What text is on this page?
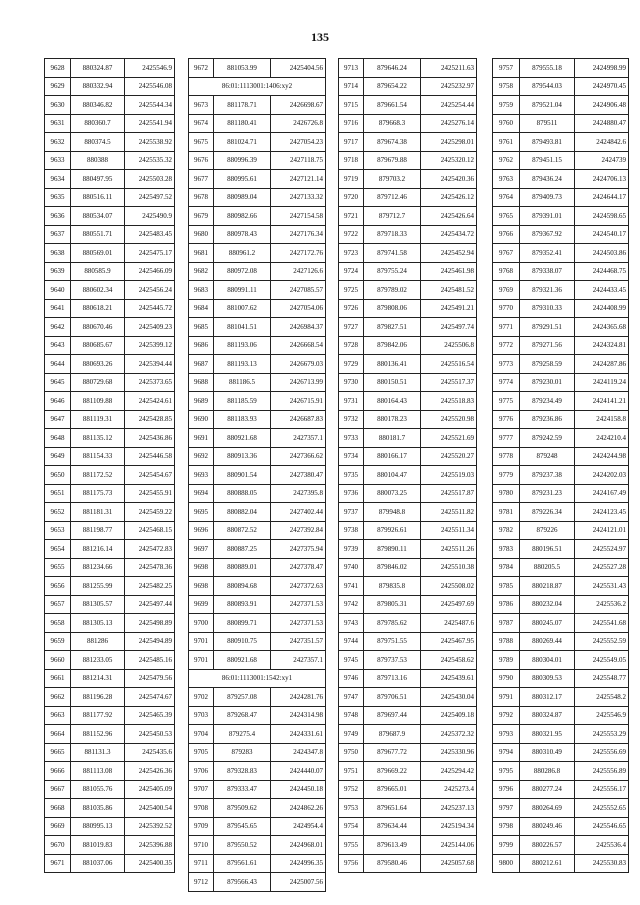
135
9628	880324.87	2425546.9
9629	880332.94	2425546.08
9630	880346.82	2425544.34
9631	880360.7	2425541.94
9632	880374.5	2425538.92
9633	880388	2425535.32
9634	880497.95	2425503.28
9635	880516.11	2425497.52
9636	880534.07	2425490.9
9637	880551.71	2425483.45
9638	880569.01	2425475.17
9639	880585.9	2425466.09
9640	880602.34	2425456.24
9641	880618.21	2425445.72
9642	880670.46	2425409.23
9643	880685.67	2425399.12
9644	880693.26	2425394.44
9645	880729.68	2425373.65
9646	881109.88	2425424.61
9647	881119.31	2425428.85
9648	881135.12	2425436.86
9649	881154.33	2425446.58
9650	881172.52	2425454.67
9651	881175.73	2425455.91
9652	881181.31	2425459.22
9653	881198.77	2425468.15
9654	881216.14	2425472.83
9655	881234.66	2425478.36
9656	881255.99	2425482.25
9657	881305.57	2425497.44
9658	881305.13	2425498.89
9659	881286	2425494.89
9660	881233.05	2425485.16
9661	881214.31	2425479.56
9662	881196.28	2425474.67
9663	881177.92	2425465.39
9664	881152.96	2425450.53
9665	881131.3	2425435.6
9666	881113.08	2425426.36
9667	881055.76	2425405.09
9668	881035.86	2425400.54
9669	880995.13	2425392.52
9670	881019.83	2425396.88
9671	881037.06	2425400.35
9672	881053.99	2425404.56
86:01:1113001:1406:xy2		
9673	881178.71	2426698.67
9674	881180.41	2426726.8
9675	881024.71	2427054.23
9676	880996.39	2427118.75
9677	880995.61	2427121.14
9678	880989.04	2427133.32
9679	880982.66	2427154.58
9680	880978.43	2427176.34
9681	880961.2	2427172.76
9682	880972.08	2427126.6
9683	880991.11	2427085.57
9684	881007.62	2427054.06
9685	881041.51	2426984.37
9686	881193.06	2426668.54
9687	881193.13	2426679.03
9688	881186.5	2426713.99
9689	881185.59	2426715.91
9690	881183.93	2426687.83
9691	880921.68	2427357.1
9692	880913.36	2427366.62
9693	880901.54	2427380.47
9694	880888.05	2427395.8
9695	880882.04	2427402.44
9696	880872.52	2427392.84
9697	880887.25	2427375.94
9698	880889.01	2427378.47
9698	880894.68	2427372.63
9699	880893.91	2427371.53
9700	880899.71	2427371.53
9701	880910.75	2427351.57
9701	880921.68	2427357.1
86:01:1113001:1542:xy1		
9702	879257.08	2424281.76
9703	879268.47	2424314.98
9704	879275.4	2424331.61
9705	879283	2424347.8
9706	879328.83	2424440.07
9707	879333.47	2424450.18
9708	879509.62	2424862.26
9709	879545.65	2424954.4
9710	879550.52	2424968.01
9711	879561.61	2424996.35
9712	879566.43	2425007.56
9713	879646.24	2425211.63
9714	879654.22	2425232.97
9715	879661.54	2425254.44
9716	879668.3	2425276.14
9717	879674.38	2425298.01
9718	879679.88	2425320.12
9719	879703.2	2425420.36
9720	879712.46	2425426.12
9721	879712.7	2425426.64
9722	879718.33	2425434.72
9723	879741.58	2425452.94
9724	879755.24	2425461.98
9725	879789.02	2425481.52
9726	879808.06	2425491.21
9727	879827.51	2425497.74
9728	879842.06	2425506.8
9729	880136.41	2425516.54
9730	880150.51	2425517.37
9731	880164.43	2425518.83
9732	880178.23	2425520.98
9733	880181.7	2425521.69
9734	880166.17	2425520.27
9735	880104.47	2425519.03
9736	880073.25	2425517.87
9737	879948.8	2425511.82
9738	879926.61	2425511.34
9739	879890.11	2425511.26
9740	879846.02	2425510.38
9741	879835.8	2425508.02
9742	879805.31	2425497.69
9743	879785.62	2425487.6
9744	879751.55	2425467.95
9745	879737.53	2425458.62
9746	879713.16	2425439.61
9747	879706.51	2425430.04
9748	879697.44	2425409.18
9749	879687.9	2425372.32
9750	879677.72	2425330.96
9751	879669.22	2425294.42
9752	879665.01	2425273.4
9753	879651.64	2425237.13
9754	879634.44	2425194.34
9755	879613.49	2425144.06
9756	879580.46	2425057.68
9757	879555.18	2424998.99
9758	879544.03	2424970.45
9759	879521.04	2424906.48
9760	879511	2424880.47
9761	879493.81	2424842.6
9762	879451.15	2424739
9763	879436.24	2424706.13
9764	879409.73	2424644.17
9765	879391.01	2424598.65
9766	879367.92	2424540.17
9767	879352.41	2424503.86
9768	879338.07	2424468.75
9769	879321.36	2424433.45
9770	879310.33	2424408.99
9771	879291.51	2424365.68
9772	879271.56	2424324.81
9773	879258.59	2424287.86
9774	879230.01	2424119.24
9775	879234.49	2424141.21
9776	879236.86	2424158.8
9777	879242.59	2424210.4
9778	879248	2424244.98
9779	879237.38	2424202.03
9780	879231.23	2424167.49
9781	879226.34	2424123.45
9782	879226	2424121.01
9783	880196.51	2425524.97
9784	880205.5	2425527.28
9785	880218.87	2425531.43
9786	880232.04	2425536.2
9787	880245.07	2425541.68
9788	880269.44	2425552.59
9789	880304.01	2425549.05
9790	880309.53	2425548.77
9791	880312.17	2425548.2
9792	880324.87	2425546.9
9793	880321.95	2425553.29
9794	880310.49	2425556.69
9795	880286.8	2425556.89
9796	880277.24	2425556.17
9797	880264.69	2425552.65
9798	880249.46	2425546.65
9799	880226.57	2425536.4
9800	880212.61	2425530.83
